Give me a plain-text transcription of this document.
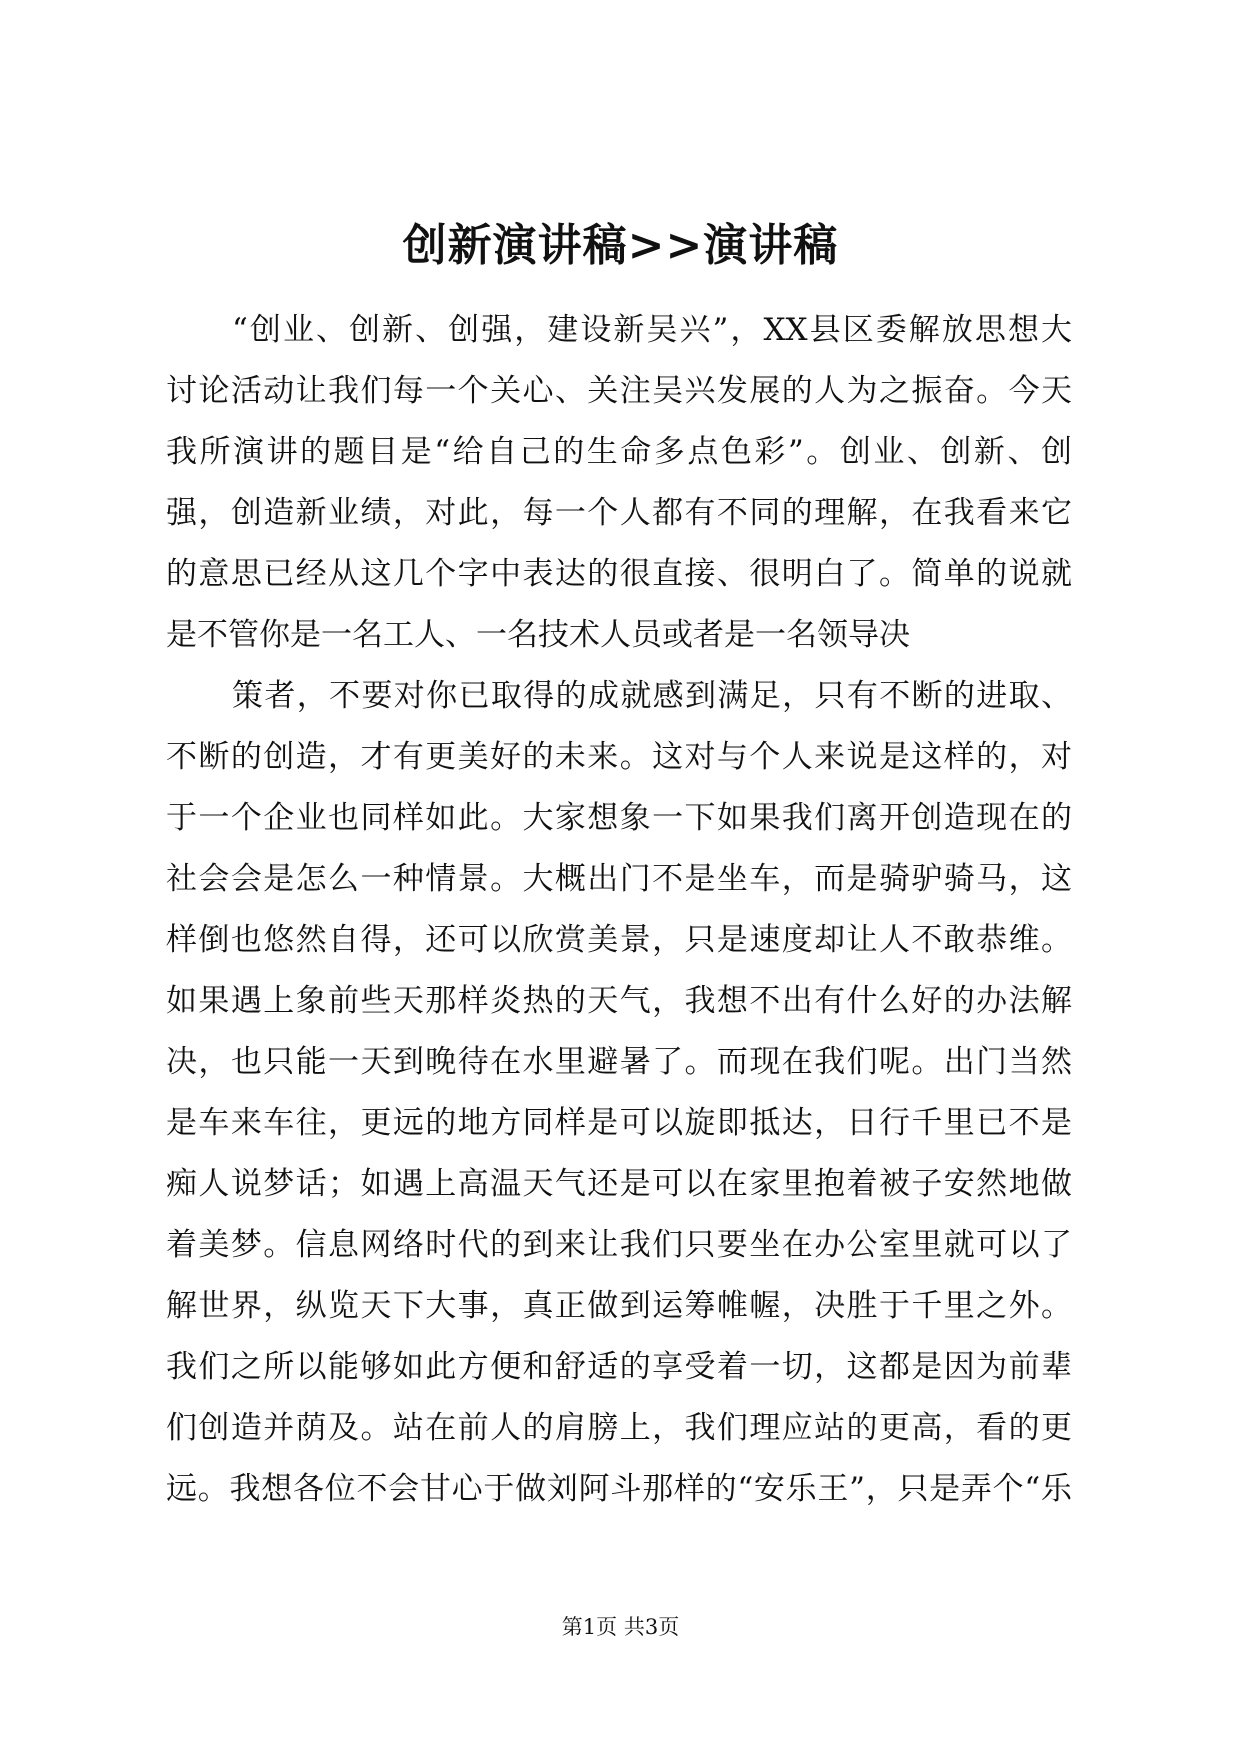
创新演讲稿>>演讲稿
“创业、创新、创强，建设新吴兴”，XX县区委解放思想大
讨论活动让我们每一个关心、关注吴兴发展的人为之振奋。今天
我所演讲的题目是“给自己的生命多点色彩”。创业、创新、创
强，创造新业绩，对此，每一个人都有不同的理解，在我看来它
的意思已经从这几个字中表达的很直接、很明白了。简单的说就
是不管你是一名工人、一名技术人员或者是一名领导决
策者，不要对你已取得的成就感到满足，只有不断的进取、
不断的创造，才有更美好的未来。这对与个人来说是这样的，对
于一个企业也同样如此。大家想象一下如果我们离开创造现在的
社会会是怎么一种情景。大概出门不是坐车，而是骑驴骑马，这
样倒也悠然自得，还可以欣赏美景，只是速度却让人不敢恭维。
如果遇上象前些天那样炎热的天气，我想不出有什么好的办法解
决，也只能一天到晚待在水里避暑了。而现在我们呢。出门当然
是车来车往，更远的地方同样是可以旋即抵达，日行千里已不是
痴人说梦话；如遇上高温天气还是可以在家里抱着被子安然地做
着美梦。信息网络时代的到来让我们只要坐在办公室里就可以了
解世界，纵览天下大事，真正做到运筹帷幄，决胜于千里之外。
我们之所以能够如此方便和舒适的享受着一切，这都是因为前辈
们创造并荫及。站在前人的肩膀上，我们理应站的更高，看的更
远。我想各位不会甘心于做刘阿斗那样的“安乐王”，只是弄个“乐
第1页 共3页
